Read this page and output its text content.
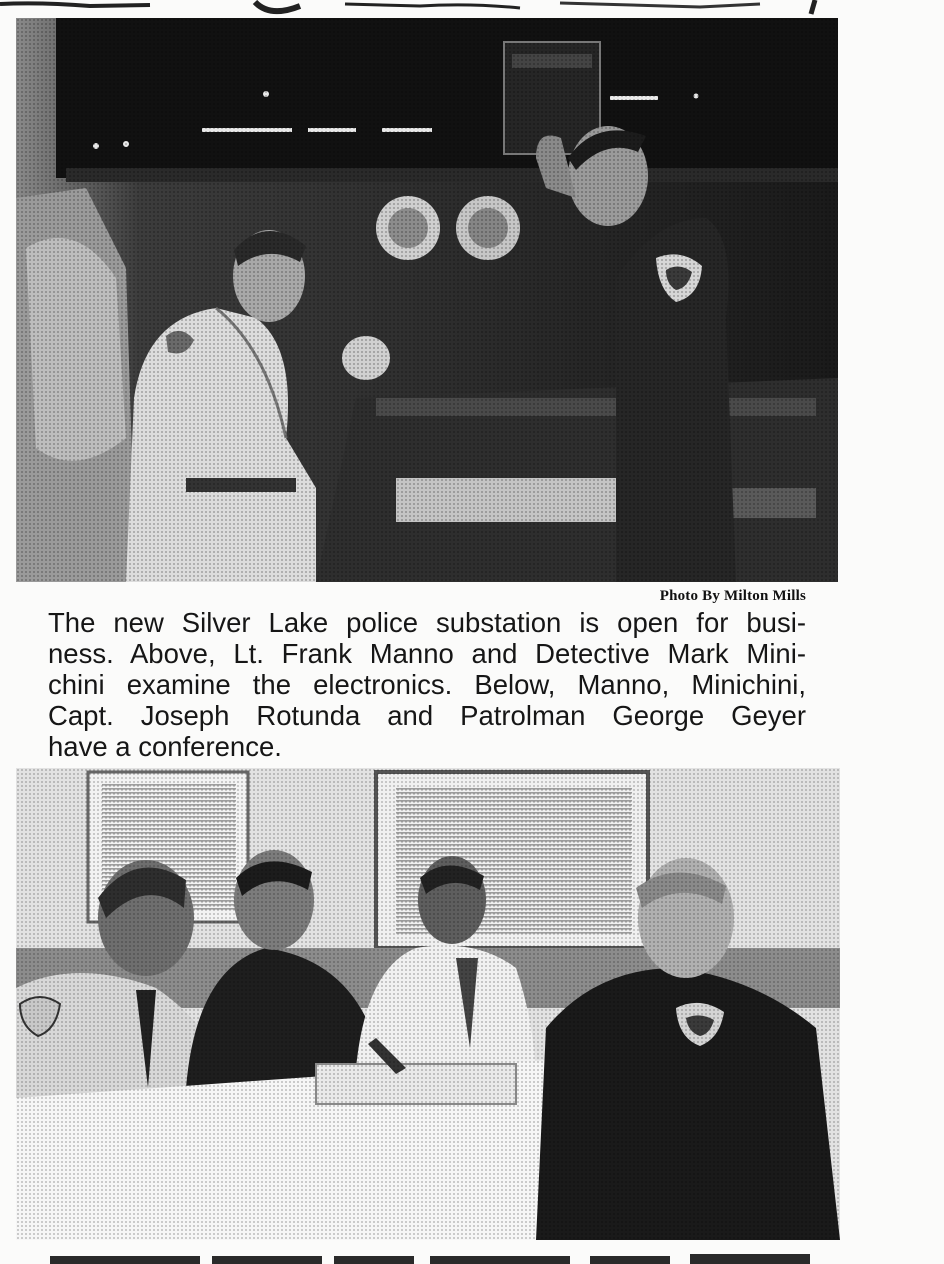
Photo By Milton Mills

The new Silver Lake police substation is open for busi-
ness. Above, Lt. Frank Manno and Detective Mark Mini-
chini examine the electronics. Below, Manno, Minichini,
Capt. Joseph Rotunda and Patrolman George Geyer
have a conference.
